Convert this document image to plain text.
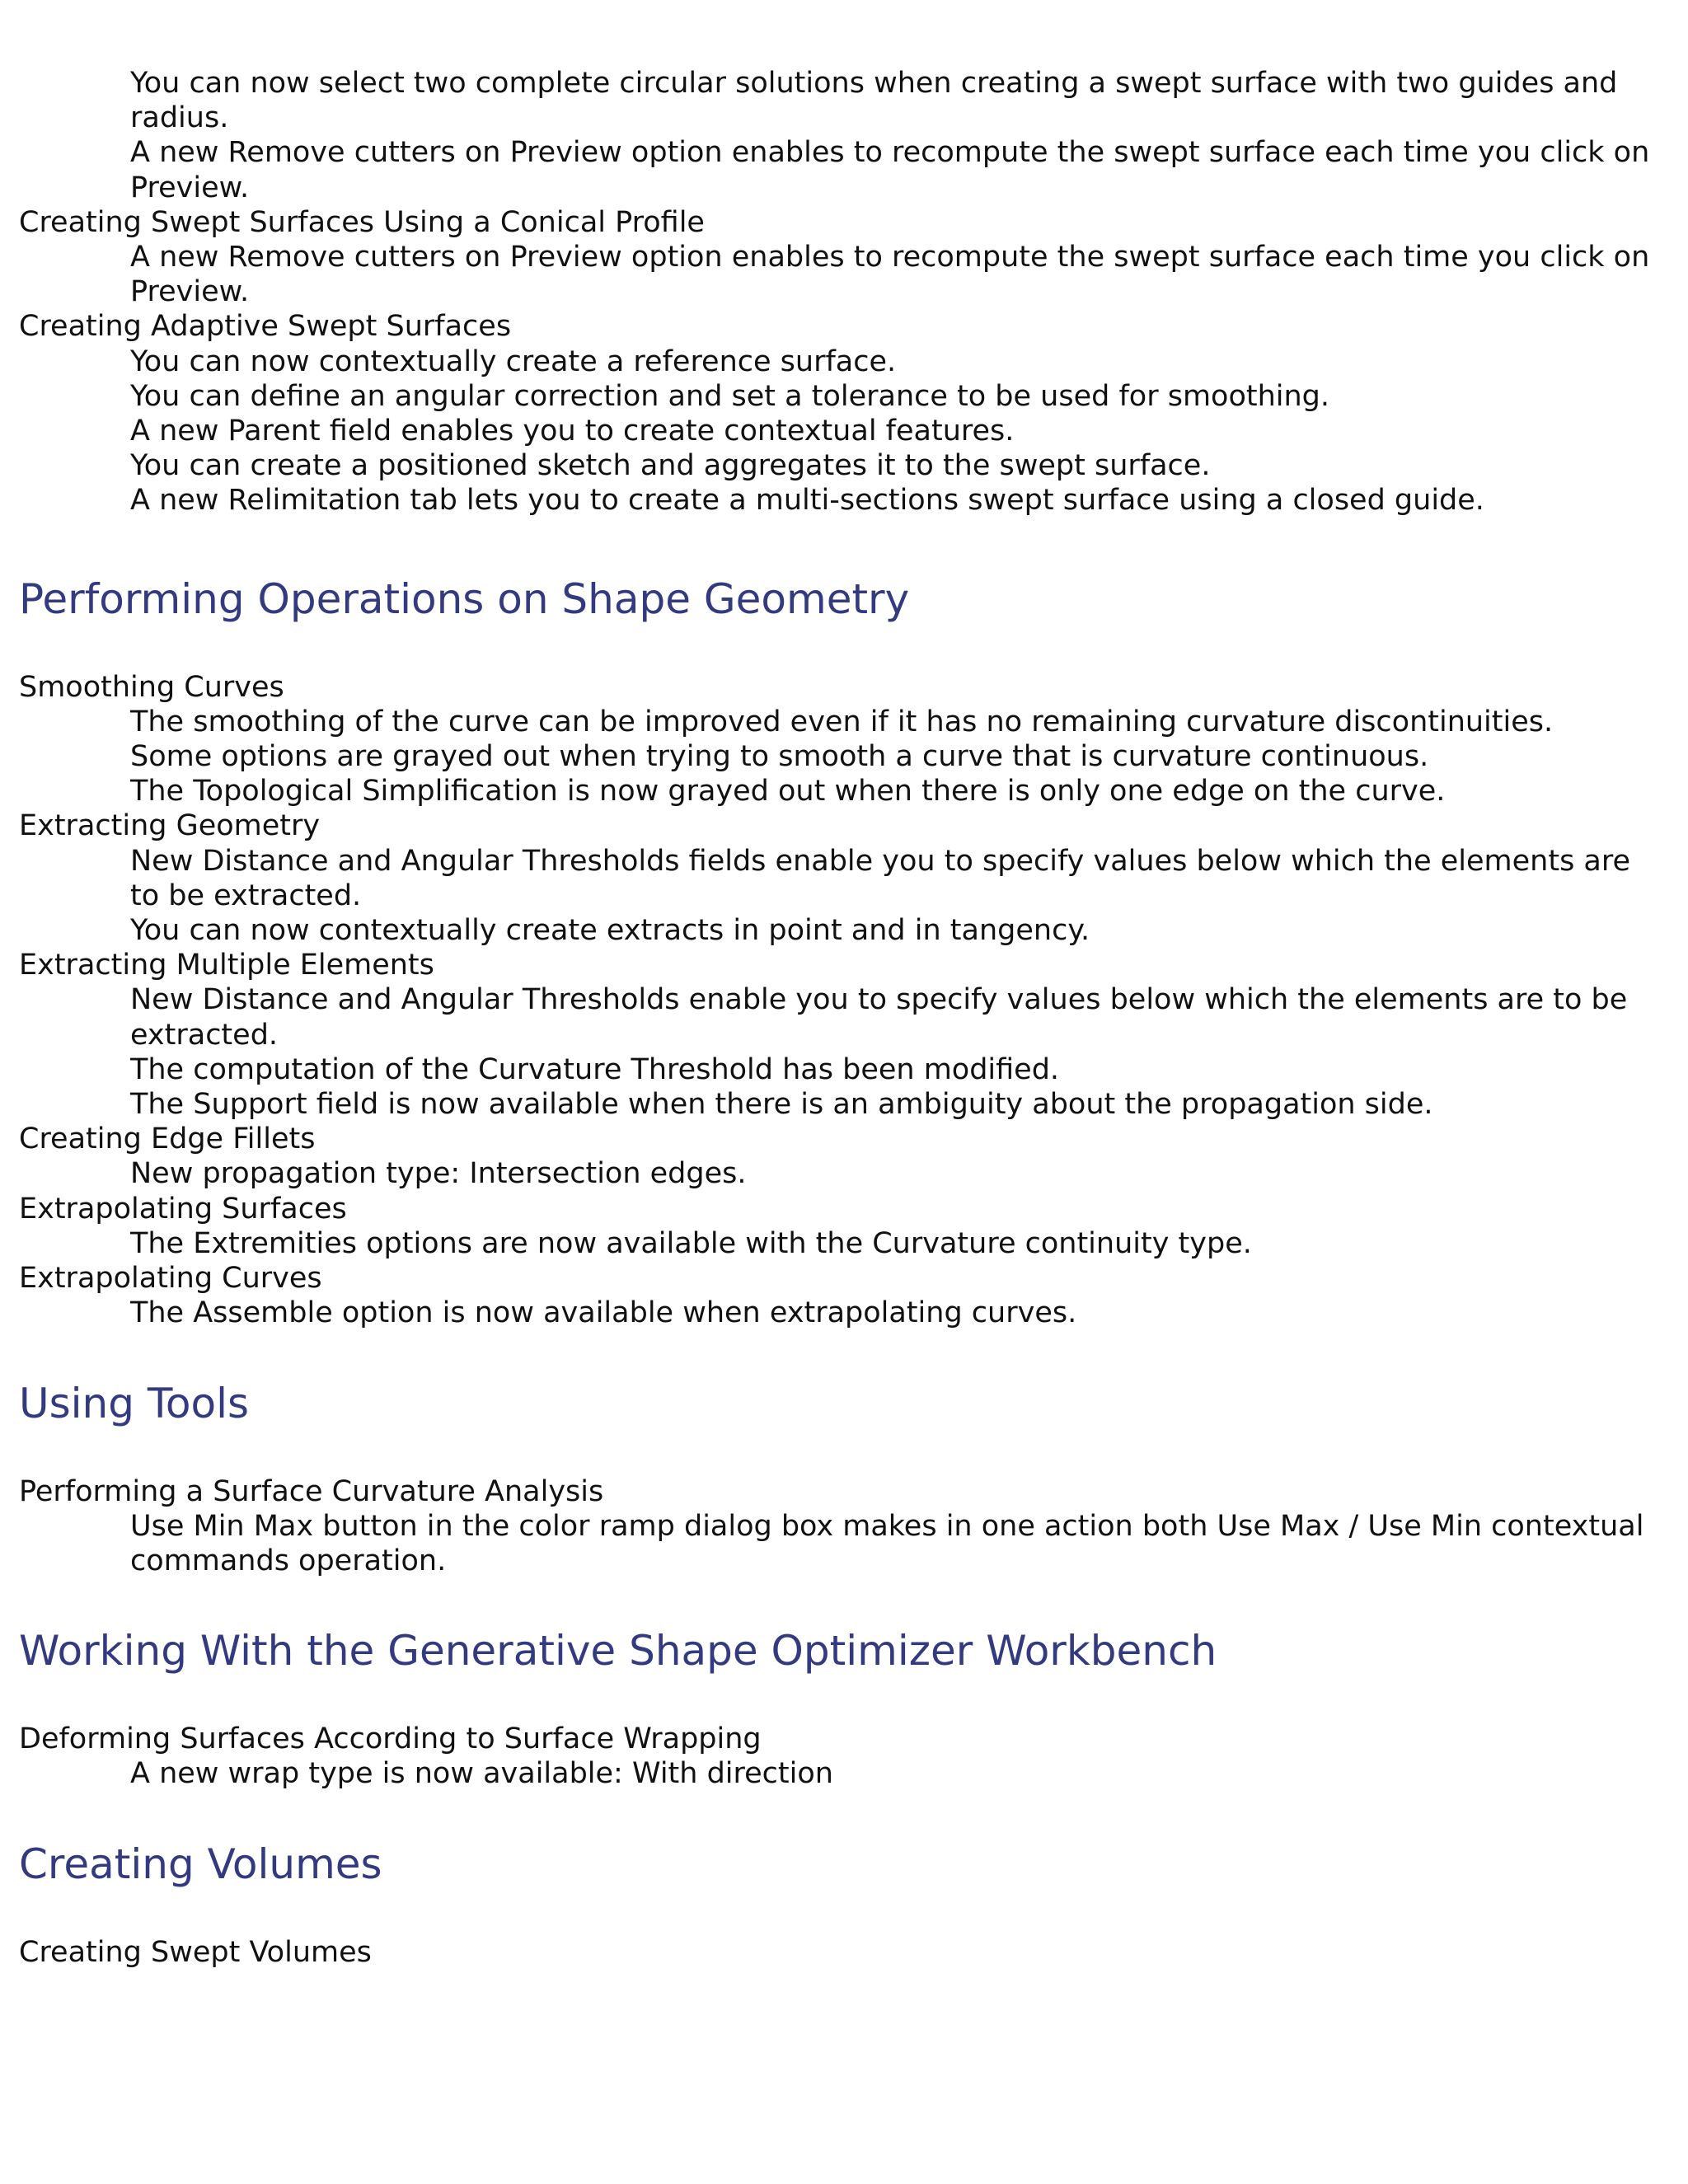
You can now select two complete circular solutions when creating a swept surface with two guides and radius.

A new Remove cutters on Preview option enables to recompute the swept surface each time you click on Preview.

Creating Swept Surfaces Using a Conical Profile

A new Remove cutters on Preview option enables to recompute the swept surface each time you click on Preview.

Creating Adaptive Swept Surfaces

You can now contextually create a reference surface.

You can define an angular correction and set a tolerance to be used for smoothing.

A new Parent field enables you to create contextual features.

You can create a positioned sketch and aggregates it to the swept surface.

A new Relimitation tab lets you to create a multi-sections swept surface using a closed guide.

Performing Operations on Shape Geometry

Smoothing Curves

The smoothing of the curve can be improved even if it has no remaining curvature discontinuities.

Some options are grayed out when trying to smooth a curve that is curvature continuous.

The Topological Simplification is now grayed out when there is only one edge on the curve.

Extracting Geometry

New Distance and Angular Thresholds fields enable you to specify values below which the elements are to be extracted.

You can now contextually create extracts in point and in tangency.

Extracting Multiple Elements

New Distance and Angular Thresholds enable you to specify values below which the elements are to be extracted.

The computation of the Curvature Threshold has been modified.

The Support field is now available when there is an ambiguity about the propagation side.

Creating Edge Fillets

New propagation type: Intersection edges.

Extrapolating Surfaces

The Extremities options are now available with the Curvature continuity type.

Extrapolating Curves

The Assemble option is now available when extrapolating curves.

Using Tools

Performing a Surface Curvature Analysis

Use Min Max button in the color ramp dialog box makes in one action both Use Max / Use Min contextual commands operation.

Working With the Generative Shape Optimizer Workbench

Deforming Surfaces According to Surface Wrapping

A new wrap type is now available: With direction

Creating Volumes

Creating Swept Volumes
